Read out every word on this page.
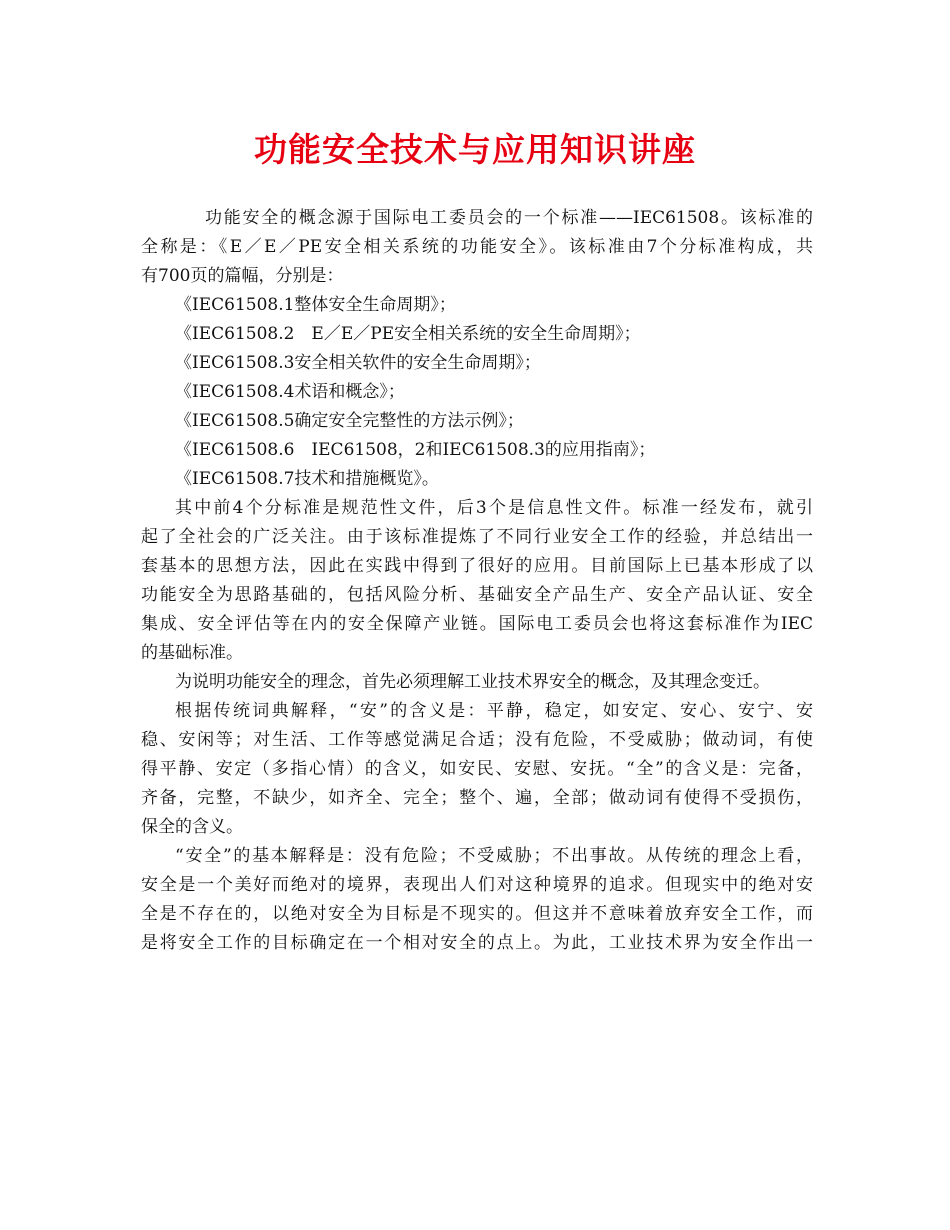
功能安全技术与应用知识讲座

功能安全的概念源于国际电工委员会的一个标准——IEC61508。该标准的

全称是：《E／E／PE安全相关系统的功能安全》。该标准由7个分标准构成，共

有700页的篇幅，分别是：

《IEC61508.1整体安全生命周期》；

《IEC61508.2　E／E／PE安全相关系统的安全生命周期》；

《IEC61508.3安全相关软件的安全生命周期》；

《IEC61508.4术语和概念》；

《IEC61508.5确定安全完整性的方法示例》；

《IEC61508.6　IEC61508，2和IEC61508.3的应用指南》；

《IEC61508.7技术和措施概览》。

其中前4个分标准是规范性文件，后3个是信息性文件。标准一经发布，就引

起了全社会的广泛关注。由于该标准提炼了不同行业安全工作的经验，并总结出一

套基本的思想方法，因此在实践中得到了很好的应用。目前国际上已基本形成了以

功能安全为思路基础的，包括风险分析、基础安全产品生产、安全产品认证、安全

集成、安全评估等在内的安全保障产业链。国际电工委员会也将这套标准作为IEC

的基础标准。

为说明功能安全的理念，首先必须理解工业技术界安全的概念，及其理念变迁。

根据传统词典解释，“安”的含义是：平静，稳定，如安定、安心、安宁、安

稳、安闲等；对生活、工作等感觉满足合适；没有危险，不受威胁；做动词，有使

得平静、安定（多指心情）的含义，如安民、安慰、安抚。“全”的含义是：完备，

齐备，完整，不缺少，如齐全、完全；整个、遍，全部；做动词有使得不受损伤，

保全的含义。

“安全”的基本解释是：没有危险；不受威胁；不出事故。从传统的理念上看，

安全是一个美好而绝对的境界，表现出人们对这种境界的追求。但现实中的绝对安

全是不存在的，以绝对安全为目标是不现实的。但这并不意味着放弃安全工作，而

是将安全工作的目标确定在一个相对安全的点上。为此，工业技术界为安全作出一
